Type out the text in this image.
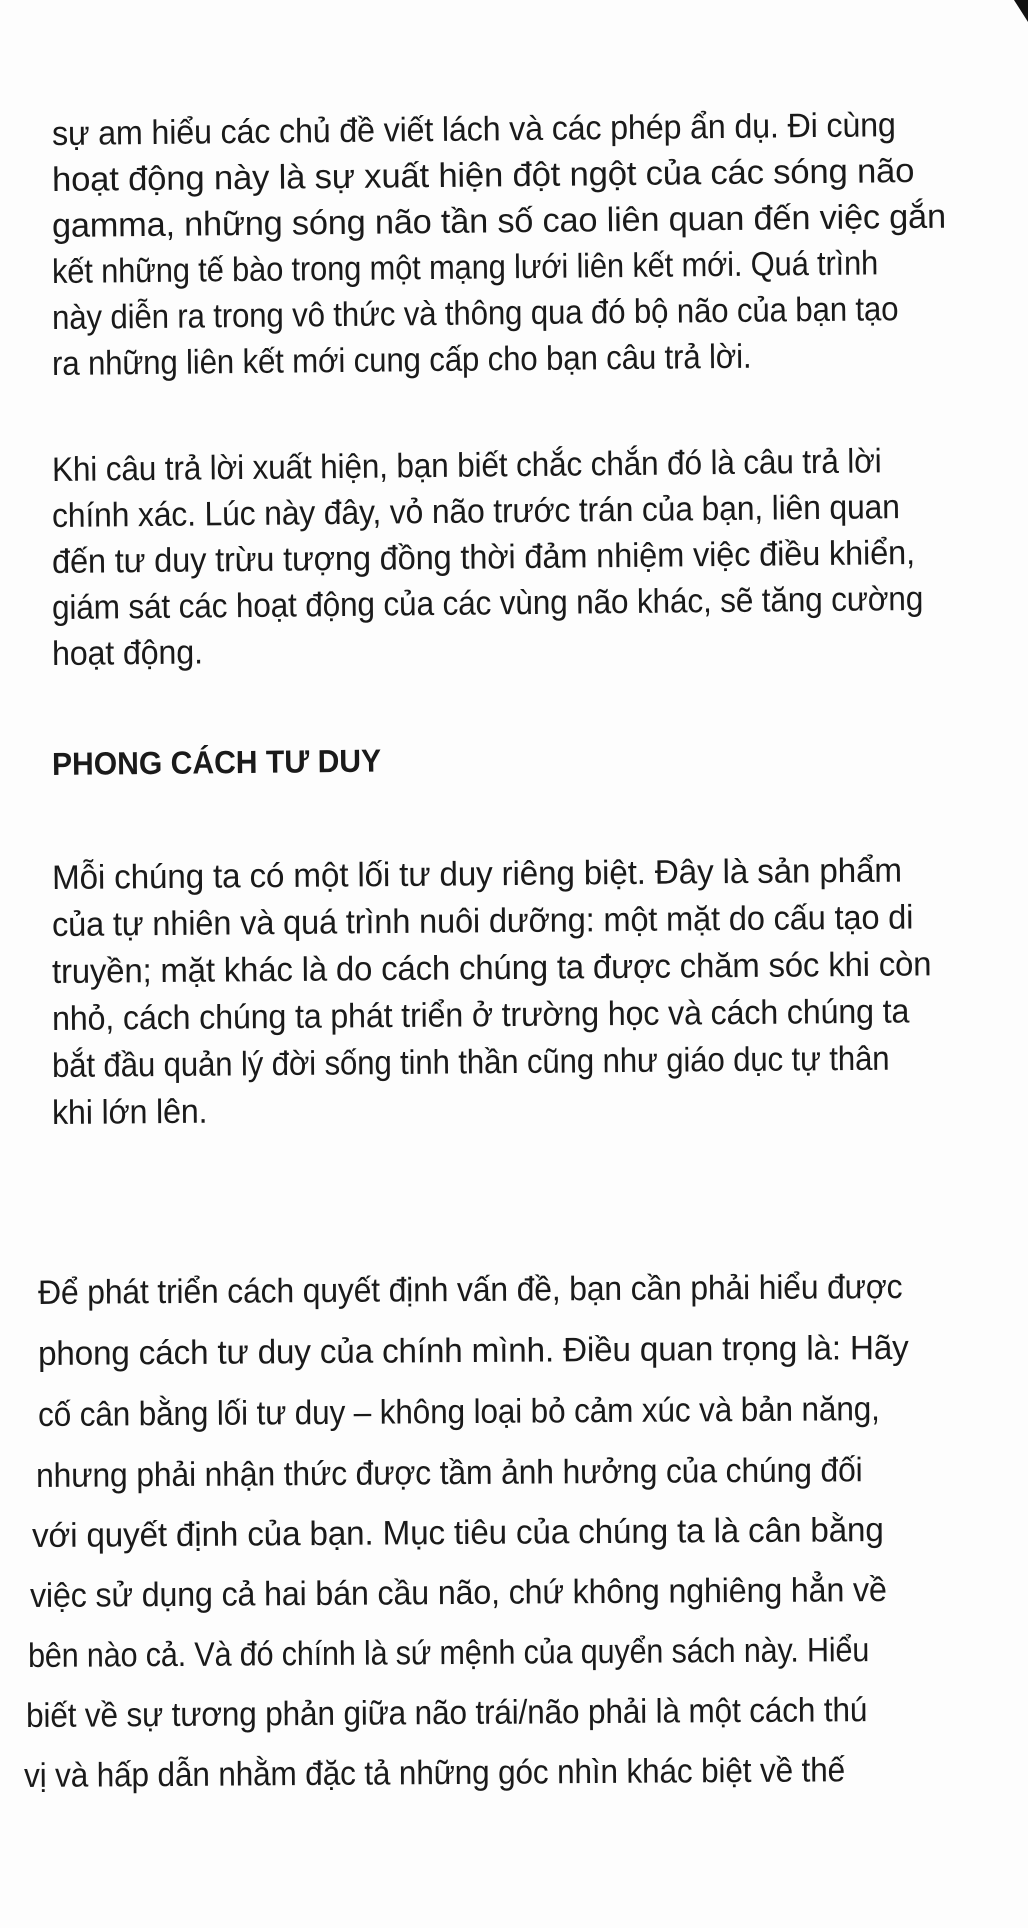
sự am hiểu các chủ đề viết lách và các phép ẩn dụ. Đi cùng
hoạt động này là sự xuất hiện đột ngột của các sóng não
gamma, những sóng não tần số cao liên quan đến việc gắn
kết những tế bào trong một mạng lưới liên kết mới. Quá trình
này diễn ra trong vô thức và thông qua đó bộ não của bạn tạo
ra những liên kết mới cung cấp cho bạn câu trả lời.
Khi câu trả lời xuất hiện, bạn biết chắc chắn đó là câu trả lời
chính xác. Lúc này đây, vỏ não trước trán của bạn, liên quan
đến tư duy trừu tượng đồng thời đảm nhiệm việc điều khiển,
giám sát các hoạt động của các vùng não khác, sẽ tăng cường
hoạt động.
PHONG CÁCH TƯ DUY
Mỗi chúng ta có một lối tư duy riêng biệt. Đây là sản phẩm
của tự nhiên và quá trình nuôi dưỡng: một mặt do cấu tạo di
truyền; mặt khác là do cách chúng ta được chăm sóc khi còn
nhỏ, cách chúng ta phát triển ở trường học và cách chúng ta
bắt đầu quản lý đời sống tinh thần cũng như giáo dục tự thân
khi lớn lên.
Để phát triển cách quyết định vấn đề, bạn cần phải hiểu được
phong cách tư duy của chính mình. Điều quan trọng là: Hãy
cố cân bằng lối tư duy – không loại bỏ cảm xúc và bản năng,
nhưng phải nhận thức được tầm ảnh hưởng của chúng đối
với quyết định của bạn. Mục tiêu của chúng ta là cân bằng
việc sử dụng cả hai bán cầu não, chứ không nghiêng hẳn về
bên nào cả. Và đó chính là sứ mệnh của quyển sách này. Hiểu
biết về sự tương phản giữa não trái/não phải là một cách thú
vị và hấp dẫn nhằm đặc tả những góc nhìn khác biệt về thế
